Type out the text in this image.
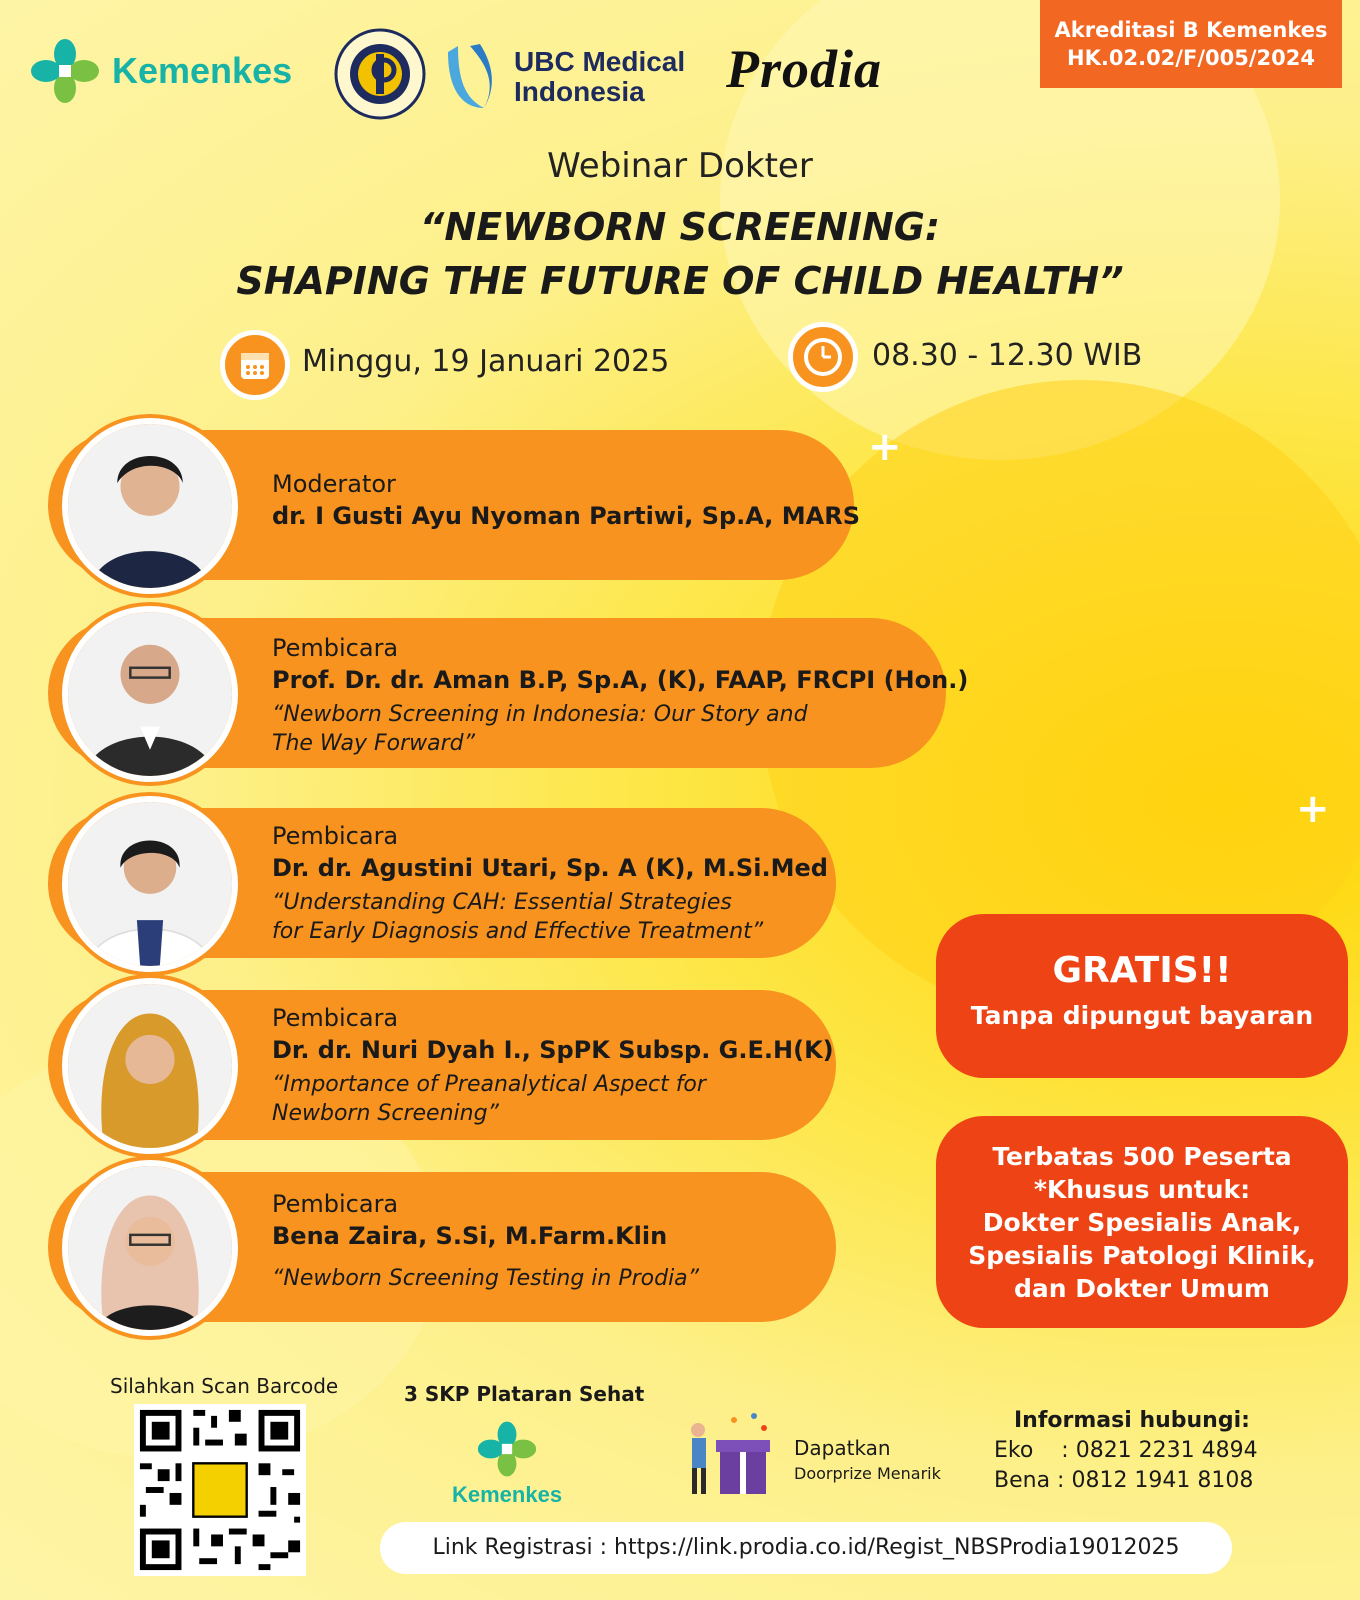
+
+
Akreditasi B Kemenkes
HK.02.02/F/005/2024
Kemenkes	UBC Medical
Indonesia	Prodia
Webinar Dokter
“NEWBORN SCREENING:
SHAPING THE FUTURE OF CHILD HEALTH”
Minggu, 19 Januari 2025	08.30 - 12.30 WIB
Moderator
dr. I Gusti Ayu Nyoman Partiwi, Sp.A, MARS
Pembicara
Prof. Dr. dr. Aman B.P, Sp.A, (K), FAAP, FRCPI (Hon.)
“Newborn Screening in Indonesia: Our Story and
The Way Forward”
Pembicara
Dr. dr. Agustini Utari, Sp. A (K), M.Si.Med
“Understanding CAH: Essential Strategies
for Early Diagnosis and Effective Treatment”
Pembicara
Dr. dr. Nuri Dyah I., SpPK Subsp. G.E.H(K)
“Importance of Preanalytical Aspect for
Newborn Screening”
Pembicara
Bena Zaira, S.Si, M.Farm.Klin
“Newborn Screening Testing in Prodia”
GRATIS!!
Tanpa dipungut bayaran
Terbatas 500 Peserta
*Khusus untuk:
Dokter Spesialis Anak,
Spesialis Patologi Klinik,
dan Dokter Umum
Silahkan Scan Barcode	3 SKP Plataran Sehat
Kemenkes
Dapatkan
Doorprize Menarik
Informasi hubungi:
Eko    : 0821 2231 4894
Bena : 0812 1941 8108
Link Registrasi : https://link.prodia.co.id/Regist_NBSProdia19012025
